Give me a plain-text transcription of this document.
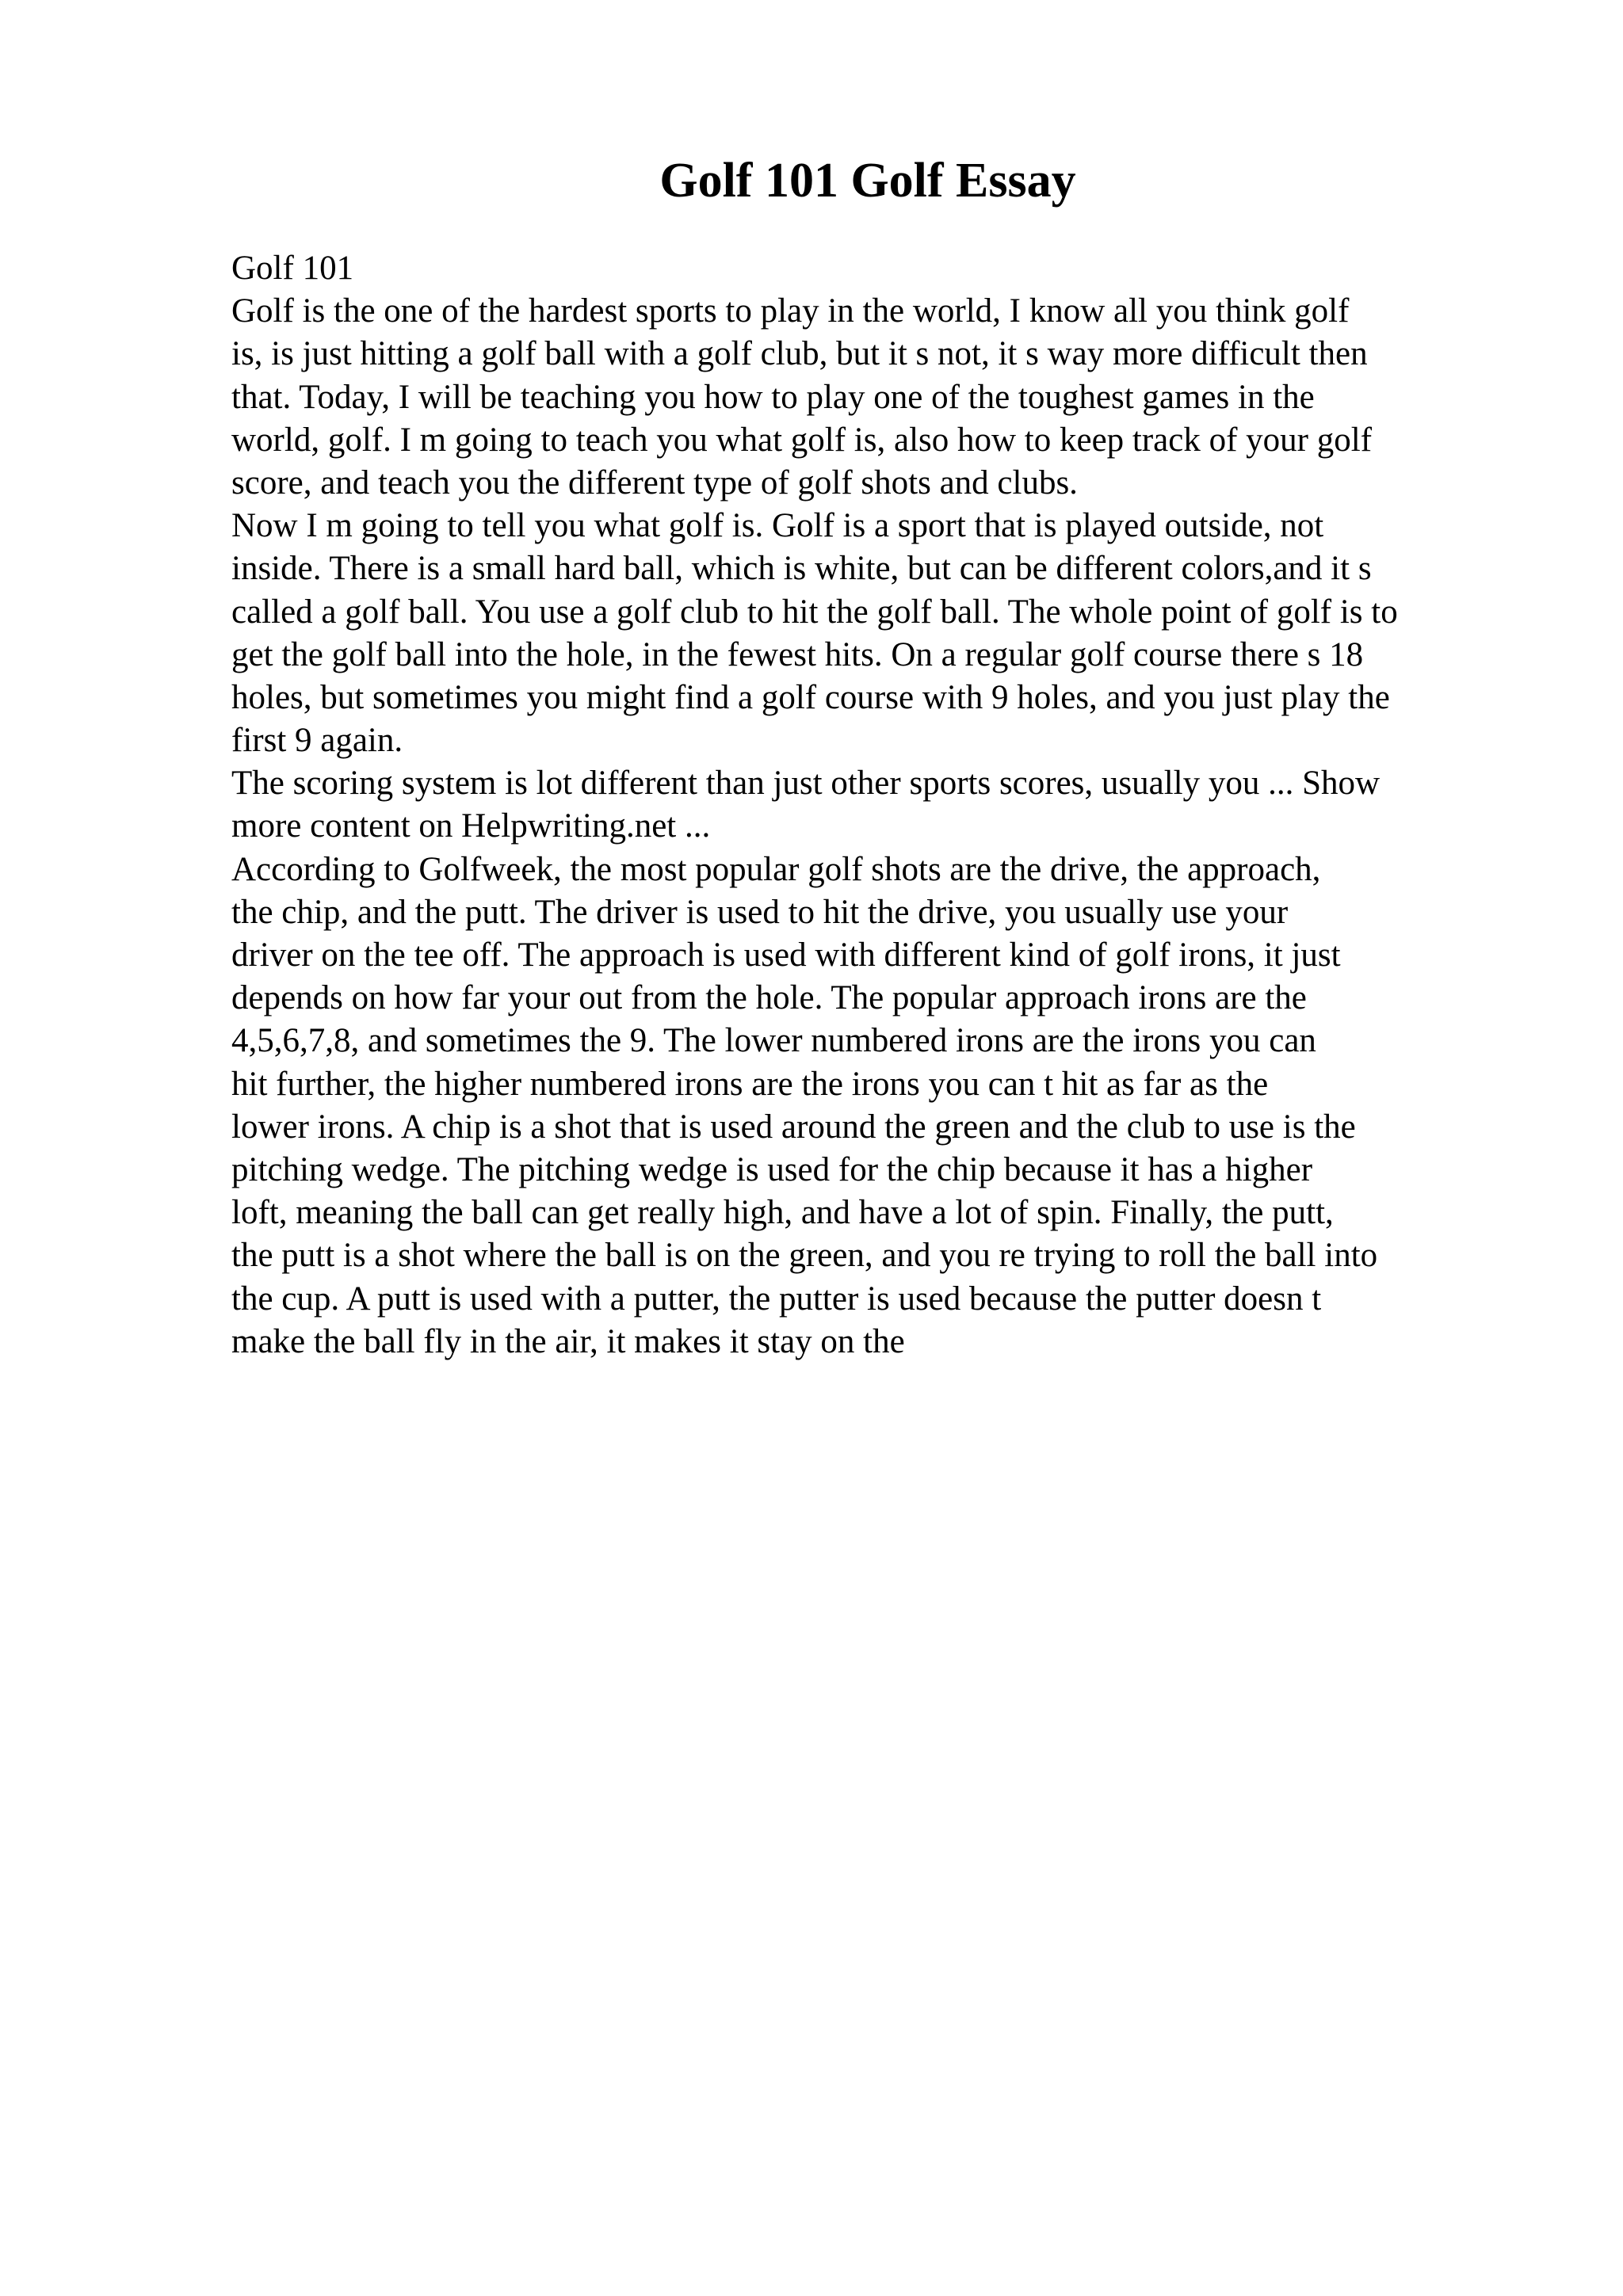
Golf 101 Golf Essay
Golf 101
Golf is the one of the hardest sports to play in the world, I know all you think golf
is, is just hitting a golf ball with a golf club, but it s not, it s way more difficult then
that. Today, I will be teaching you how to play one of the toughest games in the
world, golf. I m going to teach you what golf is, also how to keep track of your golf
score, and teach you the different type of golf shots and clubs.
Now I m going to tell you what golf is. Golf is a sport that is played outside, not
inside. There is a small hard ball, which is white, but can be different colors,and it s
called a golf ball. You use a golf club to hit the golf ball. The whole point of golf is to
get the golf ball into the hole, in the fewest hits. On a regular golf course there s 18
holes, but sometimes you might find a golf course with 9 holes, and you just play the
first 9 again.
The scoring system is lot different than just other sports scores, usually you ... Show
more content on Helpwriting.net ...
According to Golfweek, the most popular golf shots are the drive, the approach,
the chip, and the putt. The driver is used to hit the drive, you usually use your
driver on the tee off. The approach is used with different kind of golf irons, it just
depends on how far your out from the hole. The popular approach irons are the
4,5,6,7,8, and sometimes the 9. The lower numbered irons are the irons you can
hit further, the higher numbered irons are the irons you can t hit as far as the
lower irons. A chip is a shot that is used around the green and the club to use is the
pitching wedge. The pitching wedge is used for the chip because it has a higher
loft, meaning the ball can get really high, and have a lot of spin. Finally, the putt,
the putt is a shot where the ball is on the green, and you re trying to roll the ball into
the cup. A putt is used with a putter, the putter is used because the putter doesn t
make the ball fly in the air, it makes it stay on the
